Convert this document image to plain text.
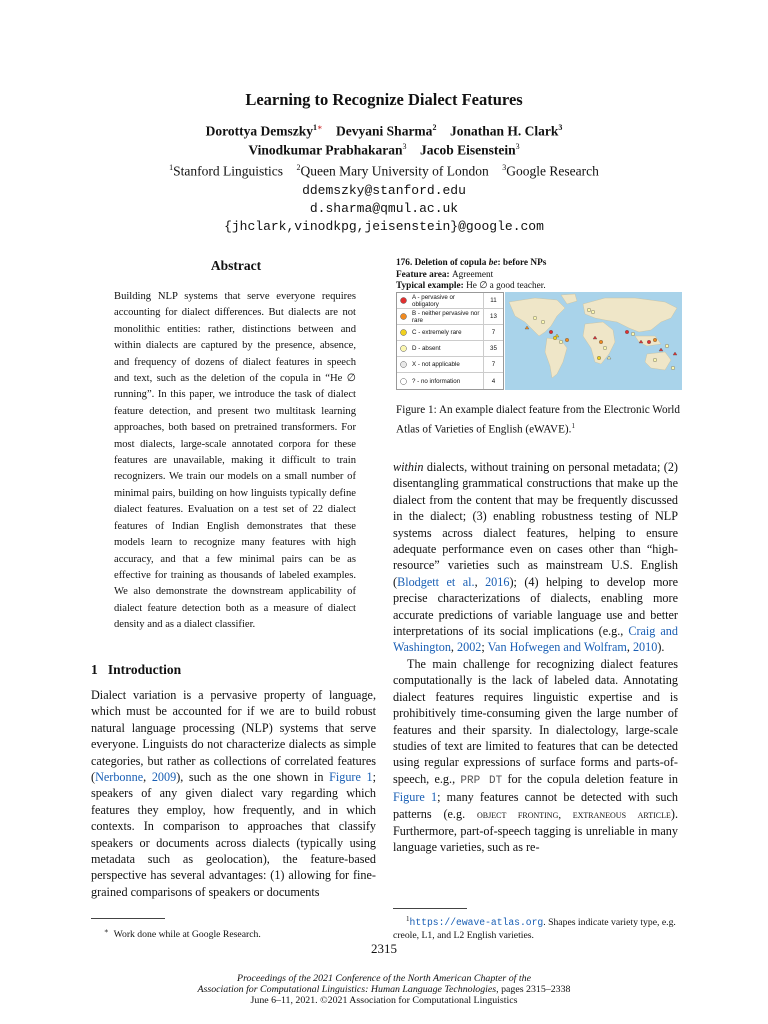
Learning to Recognize Dialect Features
Dorottya Demszky$^{1∗}$ Devyani Sharma$^2$ Jonathan H. Clark$^3$
Vinodkumar Prabhakaran$^3$ Jacob Eisenstein$^3$
$^1$Stanford Linguistics $^2$Queen Mary University of London $^3$Google Research
ddemszky@stanford.edu
d.sharma@qmul.ac.uk
{jhclark,vinodkpg,jeisenstein}@google.com
Abstract
Building NLP systems that serve everyone requires accounting for dialect differences. But dialects are not monolithic entities: rather, distinctions between and within dialects are captured by the presence, absence, and frequency of dozens of dialect features in speech and text, such as the deletion of the copula in “He ∅ running”. In this paper, we introduce the task of dialect feature detection, and present two multitask learning approaches, both based on pretrained transformers. For most dialects, large-scale annotated corpora for these features are unavailable, making it difficult to train recognizers. We train our models on a small number of minimal pairs, building on how linguists typically define dialect features. Evaluation on a test set of 22 dialect features of Indian English demonstrates that these models learn to recognize many features with high accuracy, and that a few minimal pairs can be as effective for training as thousands of labeled examples. We also demonstrate the downstream applicability of dialect feature detection both as a measure of dialect density and as a dialect classifier.
1 Introduction
Dialect variation is a pervasive property of language, which must be accounted for if we are to build robust natural language processing (NLP) systems that serve everyone. Linguists do not characterize dialects as simple categories, but rather as collections of correlated features (Nerbonne, 2009), such as the one shown in Figure 1; speakers of any given dialect vary regarding which features they employ, how frequently, and in which contexts. In comparison to approaches that classify speakers or documents across dialects (typically using metadata such as geolocation), the feature-based perspective has several advantages: (1) allowing for fine-grained comparisons of speakers or documents
176. Deletion of copula be: before NPs
Feature area: Agreement
Typical example: He ∅ a good teacher.
A - pervasive or obligatory	11
B - neither pervasive nor rare	13
C - extremely rare	7
D - absent	35
X - not applicable	7
? - no information	4
Figure 1: An example dialect feature from the Electronic World Atlas of Varieties of English (eWAVE).$^1$
within dialects, without training on personal metadata; (2) disentangling grammatical constructions that make up the dialect from the content that may be frequently discussed in the dialect; (3) enabling robustness testing of NLP systems across dialect features, helping to ensure adequate performance even on cases other than “high-resource” varieties such as mainstream U.S. English (Blodgett et al., 2016); (4) helping to develop more precise characterizations of dialects, enabling more accurate predictions of variable language use and better interpretations of its social implications (e.g., Craig and Washington, 2002; Van Hofwegen and Wolfram, 2010).
The main challenge for recognizing dialect features computationally is the lack of labeled data. Annotating dialect features requires linguistic expertise and is prohibitively time-consuming given the large number of features and their sparsity. In dialectology, large-scale studies of text are limited to features that can be detected using regular expressions of surface forms and parts-of-speech, e.g., PRP DT for the copula deletion feature in Figure 1; many features cannot be detected with such patterns (e.g. object fronting, extraneous article). Furthermore, part-of-speech tagging is unreliable in many language varieties, such as re-
∗ Work done while at Google Research.
$^1$https://ewave-atlas.org. Shapes indicate variety type, e.g. creole, L1, and L2 English varieties.
2315
Proceedings of the 2021 Conference of the North American Chapter of the
Association for Computational Linguistics: Human Language Technologies, pages 2315–2338
June 6–11, 2021. ©2021 Association for Computational Linguistics
